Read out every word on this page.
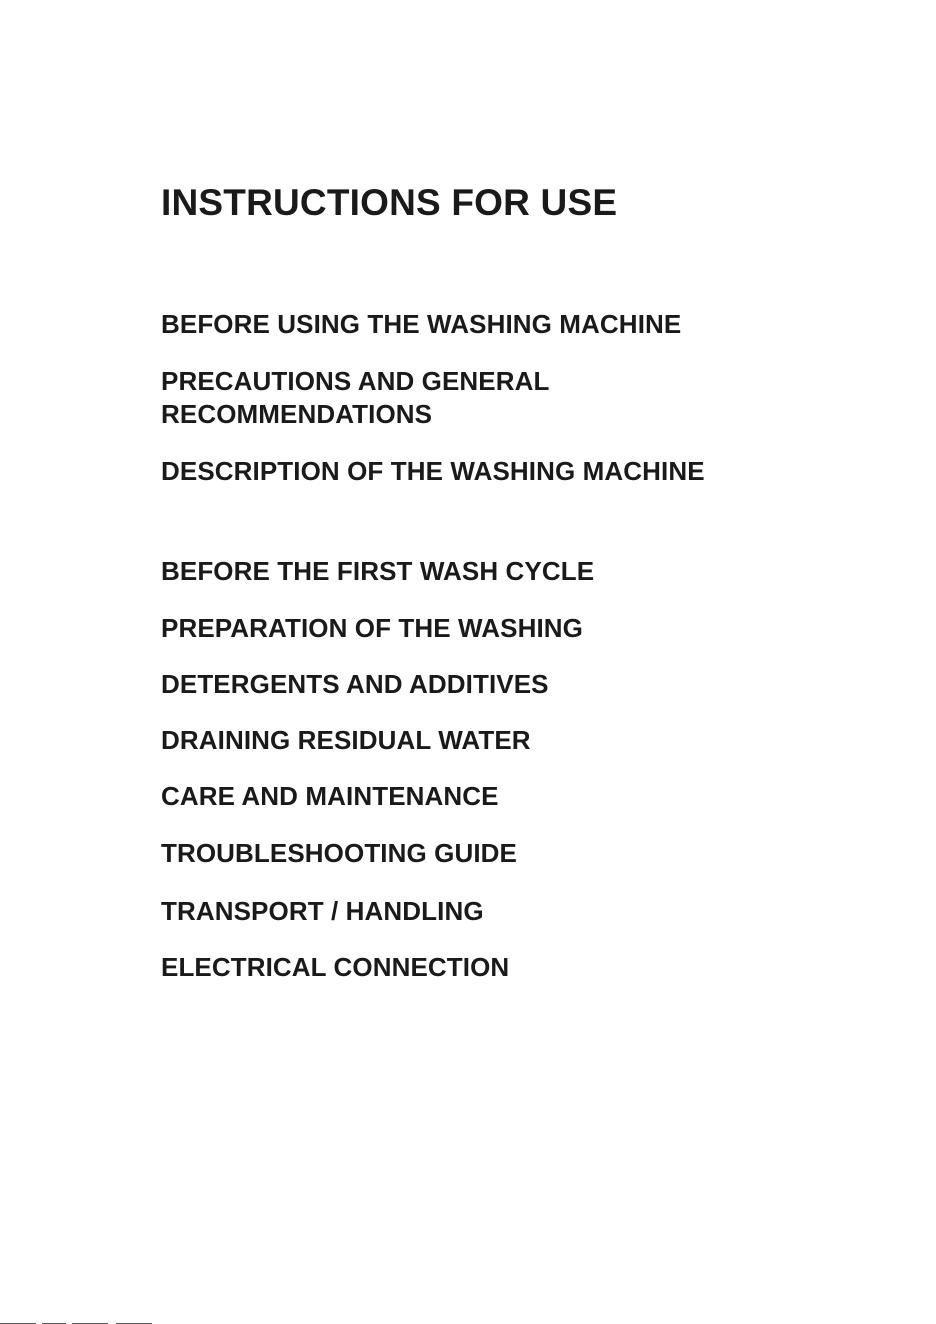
INSTRUCTIONS FOR USE

BEFORE USING THE WASHING MACHINE

PRECAUTIONS AND GENERAL

RECOMMENDATIONS

DESCRIPTION OF THE WASHING MACHINE

BEFORE THE FIRST WASH CYCLE

PREPARATION OF THE WASHING

DETERGENTS AND ADDITIVES

DRAINING RESIDUAL WATER

CARE AND MAINTENANCE

TROUBLESHOOTING GUIDE

TRANSPORT / HANDLING

ELECTRICAL CONNECTION
